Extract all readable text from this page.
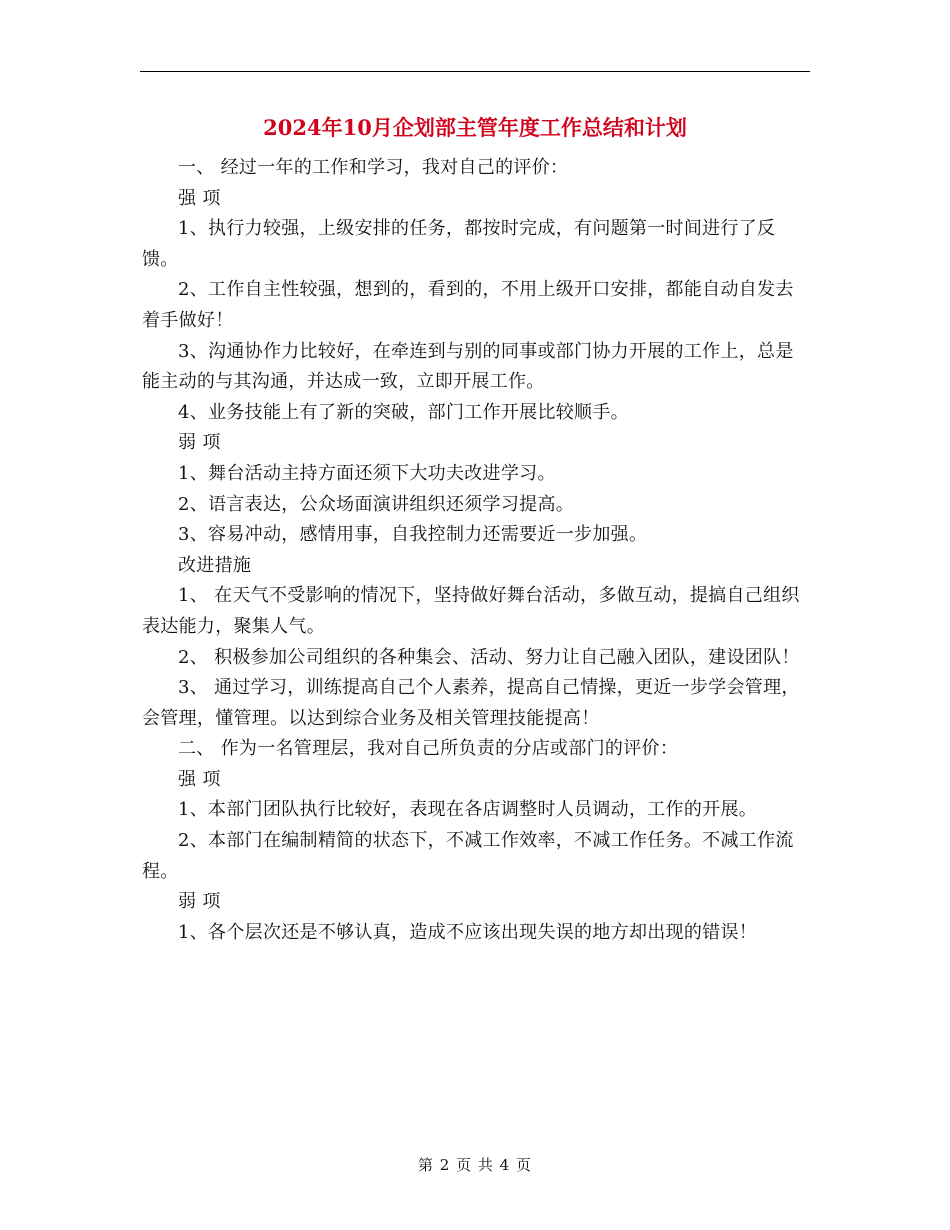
2024年10月企划部主管年度工作总结和计划

一、 经过一年的工作和学习，我对自己的评价：

强 项

1、执行力较强，上级安排的任务，都按时完成，有问题第一时间进行了反馈。

2、工作自主性较强，想到的，看到的，不用上级开口安排，都能自动自发去着手做好！

3、沟通协作力比较好，在牵连到与别的同事或部门协力开展的工作上，总是能主动的与其沟通，并达成一致，立即开展工作。

4、业务技能上有了新的突破，部门工作开展比较顺手。

弱 项

1、舞台活动主持方面还须下大功夫改进学习。

2、语言表达，公众场面演讲组织还须学习提高。

3、容易冲动，感情用事，自我控制力还需要近一步加强。

改进措施

1、 在天气不受影响的情况下，坚持做好舞台活动，多做互动，提搞自己组织表达能力，聚集人气。

2、 积极参加公司组织的各种集会、活动、努力让自己融入团队，建设团队！

3、 通过学习，训练提高自己个人素养，提高自己情操，更近一步学会管理，会管理，懂管理。以达到综合业务及相关管理技能提高！

二、 作为一名管理层，我对自己所负责的分店或部门的评价：

强 项

1、本部门团队执行比较好，表现在各店调整时人员调动，工作的开展。

2、本部门在编制精简的状态下，不减工作效率，不减工作任务。不减工作流程。

弱 项

1、各个层次还是不够认真，造成不应该出现失误的地方却出现的错误！

第 2 页 共 4 页
